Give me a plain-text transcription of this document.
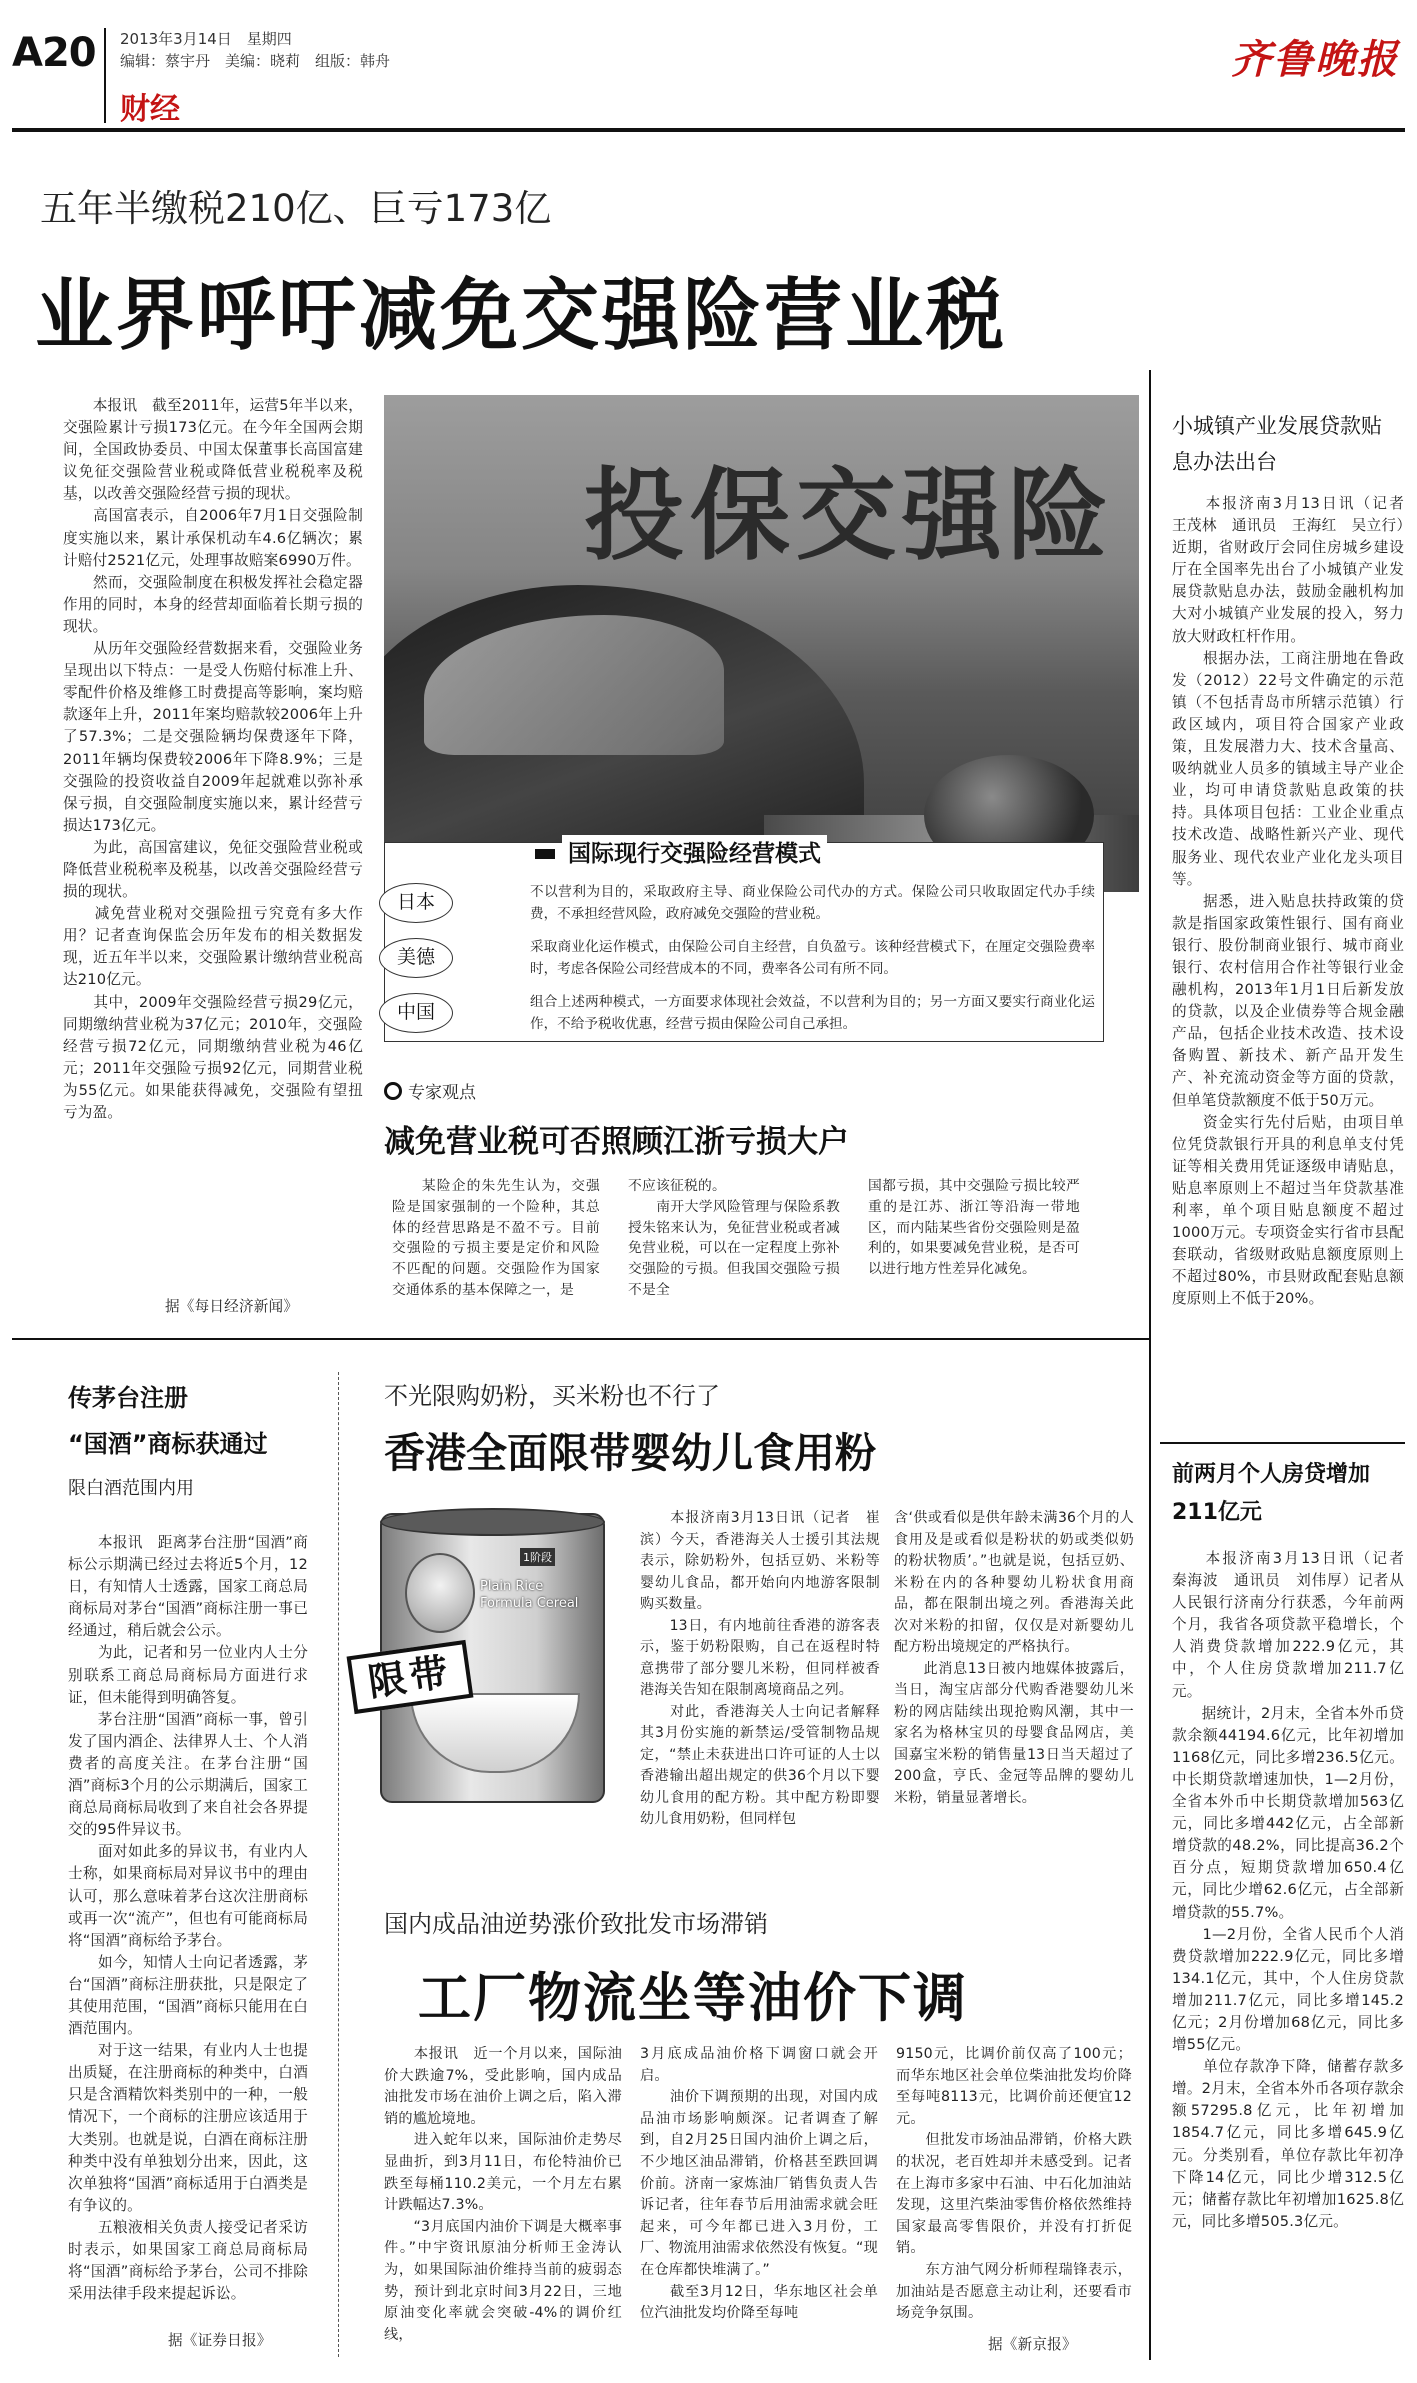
A20 2013年3月14日　星期四
编辑：蔡宇丹　美编：晓莉　组版：韩舟
财经
齐鲁晚报
五年半缴税210亿、巨亏173亿
业界呼吁减免交强险营业税
　　本报讯　截至2011年，运营5年半以来，交强险累计亏损173亿元。在今年全国两会期间，全国政协委员、中国太保董事长高国富建议免征交强险营业税或降低营业税税率及税基，以改善交强险经营亏损的现状。
　　高国富表示，自2006年7月1日交强险制度实施以来，累计承保机动车4.6亿辆次；累计赔付2521亿元，处理事故赔案6990万件。
　　然而，交强险制度在积极发挥社会稳定器作用的同时，本身的经营却面临着长期亏损的现状。
　　从历年交强险经营数据来看，交强险业务呈现出以下特点：一是受人伤赔付标准上升、零配件价格及维修工时费提高等影响，案均赔款逐年上升，2011年案均赔款较2006年上升了57.3%；二是交强险辆均保费逐年下降，2011年辆均保费较2006年下降8.9%；三是交强险的投资收益自2009年起就难以弥补承保亏损，自交强险制度实施以来，累计经营亏损达173亿元。
　　为此，高国富建议，免征交强险营业税或降低营业税税率及税基，以改善交强险经营亏损的现状。
　　减免营业税对交强险扭亏究竟有多大作用？记者查询保监会历年发布的相关数据发现，近五年半以来，交强险累计缴纳营业税高达210亿元。
　　其中，2009年交强险经营亏损29亿元，同期缴纳营业税为37亿元；2010年，交强险经营亏损72亿元，同期缴纳营业税为46亿元；2011年交强险亏损92亿元，同期营业税为55亿元。如果能获得减免，交强险有望扭亏为盈。
据《每日经济新闻》
投保交强险
国际现行交强险经营模式
日本	不以营利为目的，采取政府主导、商业保险公司代办的方式。保险公司只收取固定代办手续费，不承担经营风险，政府减免交强险的营业税。
美德	采取商业化运作模式，由保险公司自主经营，自负盈亏。该种经营模式下，在厘定交强险费率时，考虑各保险公司经营成本的不同，费率各公司有所不同。
中国	组合上述两种模式，一方面要求体现社会效益，不以营利为目的；另一方面又要实行商业化运作，不给予税收优惠，经营亏损由保险公司自己承担。
专家观点
减免营业税可否照顾江浙亏损大户
　　某险企的朱先生认为，交强险是国家强制的一个险种，其总体的经营思路是不盈不亏。目前交强险的亏损主要是定价和风险不匹配的问题。交强险作为国家交通体系的基本保障之一，是
不应该征税的。
　　南开大学风险管理与保险系教授朱铭来认为，免征营业税或者减免营业税，可以在一定程度上弥补交强险的亏损。但我国交强险亏损不是全
国都亏损，其中交强险亏损比较严重的是江苏、浙江等沿海一带地区，而内陆某些省份交强险则是盈利的，如果要减免营业税，是否可以进行地方性差异化减免。
小城镇产业发展贷款贴息办法出台
　　本报济南3月13日讯（记者　王茂林　通讯员　王海红　吴立行）近期，省财政厅会同住房城乡建设厅在全国率先出台了小城镇产业发展贷款贴息办法，鼓励金融机构加大对小城镇产业发展的投入，努力放大财政杠杆作用。
　　根据办法，工商注册地在鲁政发（2012）22号文件确定的示范镇（不包括青岛市所辖示范镇）行政区域内，项目符合国家产业政策，且发展潜力大、技术含量高、吸纳就业人员多的镇域主导产业企业，均可申请贷款贴息政策的扶持。具体项目包括：工业企业重点技术改造、战略性新兴产业、现代服务业、现代农业产业化龙头项目等。
　　据悉，进入贴息扶持政策的贷款是指国家政策性银行、国有商业银行、股份制商业银行、城市商业银行、农村信用合作社等银行业金融机构，2013年1月1日后新发放的贷款，以及企业债券等合规金融产品，包括企业技术改造、技术设备购置、新技术、新产品开发生产、补充流动资金等方面的贷款，但单笔贷款额度不低于50万元。
　　资金实行先付后贴，由项目单位凭贷款银行开具的利息单支付凭证等相关费用凭证逐级申请贴息，贴息率原则上不超过当年贷款基准利率，单个项目贴息额度不超过1000万元。专项资金实行省市县配套联动，省级财政贴息额度原则上不超过80%，市县财政配套贴息额度原则上不低于20%。
前两月个人房贷增加211亿元
　　本报济南3月13日讯（记者　秦海波　通讯员　刘伟厚）记者从人民银行济南分行获悉，今年前两个月，我省各项贷款平稳增长，个人消费贷款增加222.9亿元，其中，个人住房贷款增加211.7亿元。
　　据统计，2月末，全省本外币贷款余额44194.6亿元，比年初增加1168亿元，同比多增236.5亿元。中长期贷款增速加快，1—2月份，全省本外币中长期贷款增加563亿元，同比多增442亿元，占全部新增贷款的48.2%，同比提高36.2个百分点，短期贷款增加650.4亿元，同比少增62.6亿元，占全部新增贷款的55.7%。
　　1—2月份，全省人民币个人消费贷款增加222.9亿元，同比多增134.1亿元，其中，个人住房贷款增加211.7亿元，同比多增145.2亿元；2月份增加68亿元，同比多增55亿元。
　　单位存款净下降，储蓄存款多增。2月末，全省本外币各项存款余额57295.8亿元，比年初增加1854.7亿元，同比多增645.9亿元。分类别看，单位存款比年初净下降14亿元，同比少增312.5亿元；储蓄存款比年初增加1625.8亿元，同比多增505.3亿元。
传茅台注册
“国酒”商标获通过
限白酒范围内用
　　本报讯　距离茅台注册“国酒”商标公示期满已经过去将近5个月，12日，有知情人士透露，国家工商总局商标局对茅台“国酒”商标注册一事已经通过，稍后就会公示。
　　为此，记者和另一位业内人士分别联系工商总局商标局方面进行求证，但未能得到明确答复。
　　茅台注册“国酒”商标一事，曾引发了国内酒企、法律界人士、个人消费者的高度关注。在茅台注册“国酒”商标3个月的公示期满后，国家工商总局商标局收到了来自社会各界提交的95件异议书。
　　面对如此多的异议书，有业内人士称，如果商标局对异议书中的理由认可，那么意味着茅台这次注册商标或再一次“流产”，但也有可能商标局将“国酒”商标给予茅台。
　　如今，知情人士向记者透露，茅台“国酒”商标注册获批，只是限定了其使用范围，“国酒”商标只能用在白酒范围内。
　　对于这一结果，有业内人士也提出质疑，在注册商标的种类中，白酒只是含酒精饮料类别中的一种，一般情况下，一个商标的注册应该适用于大类别。也就是说，白酒在商标注册种类中没有单独划分出来，因此，这次单独将“国酒”商标适用于白酒类是有争议的。
　　五粮液相关负责人接受记者采访时表示，如果国家工商总局商标局将“国酒”商标给予茅台，公司不排除采用法律手段来提起诉讼。
据《证券日报》
不光限购奶粉，买米粉也不行了
香港全面限带婴幼儿食用粉
1阶段
Plain Rice
Formula Cereal
限带
　　本报济南3月13日讯（记者　崔滨）今天，香港海关人士援引其法规表示，除奶粉外，包括豆奶、米粉等婴幼儿食品，都开始向内地游客限制购买数量。
　　13日，有内地前往香港的游客表示，鉴于奶粉限购，自己在返程时特意携带了部分婴儿米粉，但同样被香港海关告知在限制离境商品之列。
　　对此，香港海关人士向记者解释其3月份实施的新禁运/受管制物品规定，“禁止未获进出口许可证的人士以香港输出超出规定的供36个月以下婴幼儿食用的配方粉。其中配方粉即婴幼儿食用奶粉，但同样包
含‘供或看似是供年龄未满36个月的人食用及是或看似是粉状的奶或类似奶的粉状物质’。”也就是说，包括豆奶、米粉在内的各种婴幼儿粉状食用商品，都在限制出境之列。香港海关此次对米粉的扣留，仅仅是对新婴幼儿配方粉出境规定的严格执行。
　　此消息13日被内地媒体披露后，当日，淘宝店部分代购香港婴幼儿米粉的网店陆续出现抢购风潮，其中一家名为格林宝贝的母婴食品网店，美国嘉宝米粉的销售量13日当天超过了200盒，亨氏、金冠等品牌的婴幼儿米粉，销量显著增长。
国内成品油逆势涨价致批发市场滞销
工厂物流坐等油价下调
　　本报讯　近一个月以来，国际油价大跌逾7%，受此影响，国内成品油批发市场在油价上调之后，陷入滞销的尴尬境地。
　　进入蛇年以来，国际油价走势尽显曲折，到3月11日，布伦特油价已跌至每桶110.2美元，一个月左右累计跌幅达7.3%。
　　“3月底国内油价下调是大概率事件。”中宇资讯原油分析师王金涛认为，如果国际油价维持当前的疲弱态势，预计到北京时间3月22日，三地原油变化率就会突破-4%的调价红线，
3月底成品油价格下调窗口就会开启。
　　油价下调预期的出现，对国内成品油市场影响颇深。记者调查了解到，自2月25日国内油价上调之后，不少地区油品滞销，价格甚至跌回调价前。济南一家炼油厂销售负责人告诉记者，往年春节后用油需求就会旺起来，可今年都已进入3月份，工厂、物流用油需求依然没有恢复。“现在仓库都快堆满了。”
　　截至3月12日，华东地区社会单位汽油批发均价降至每吨
9150元，比调价前仅高了100元；而华东地区社会单位柴油批发均价降至每吨8113元，比调价前还便宜12元。
　　但批发市场油品滞销，价格大跌的状况，老百姓却并未感受到。记者在上海市多家中石油、中石化加油站发现，这里汽柴油零售价格依然维持国家最高零售限价，并没有打折促销。
　　东方油气网分析师程瑞锋表示，加油站是否愿意主动让利，还要看市场竞争氛围。
据《新京报》
